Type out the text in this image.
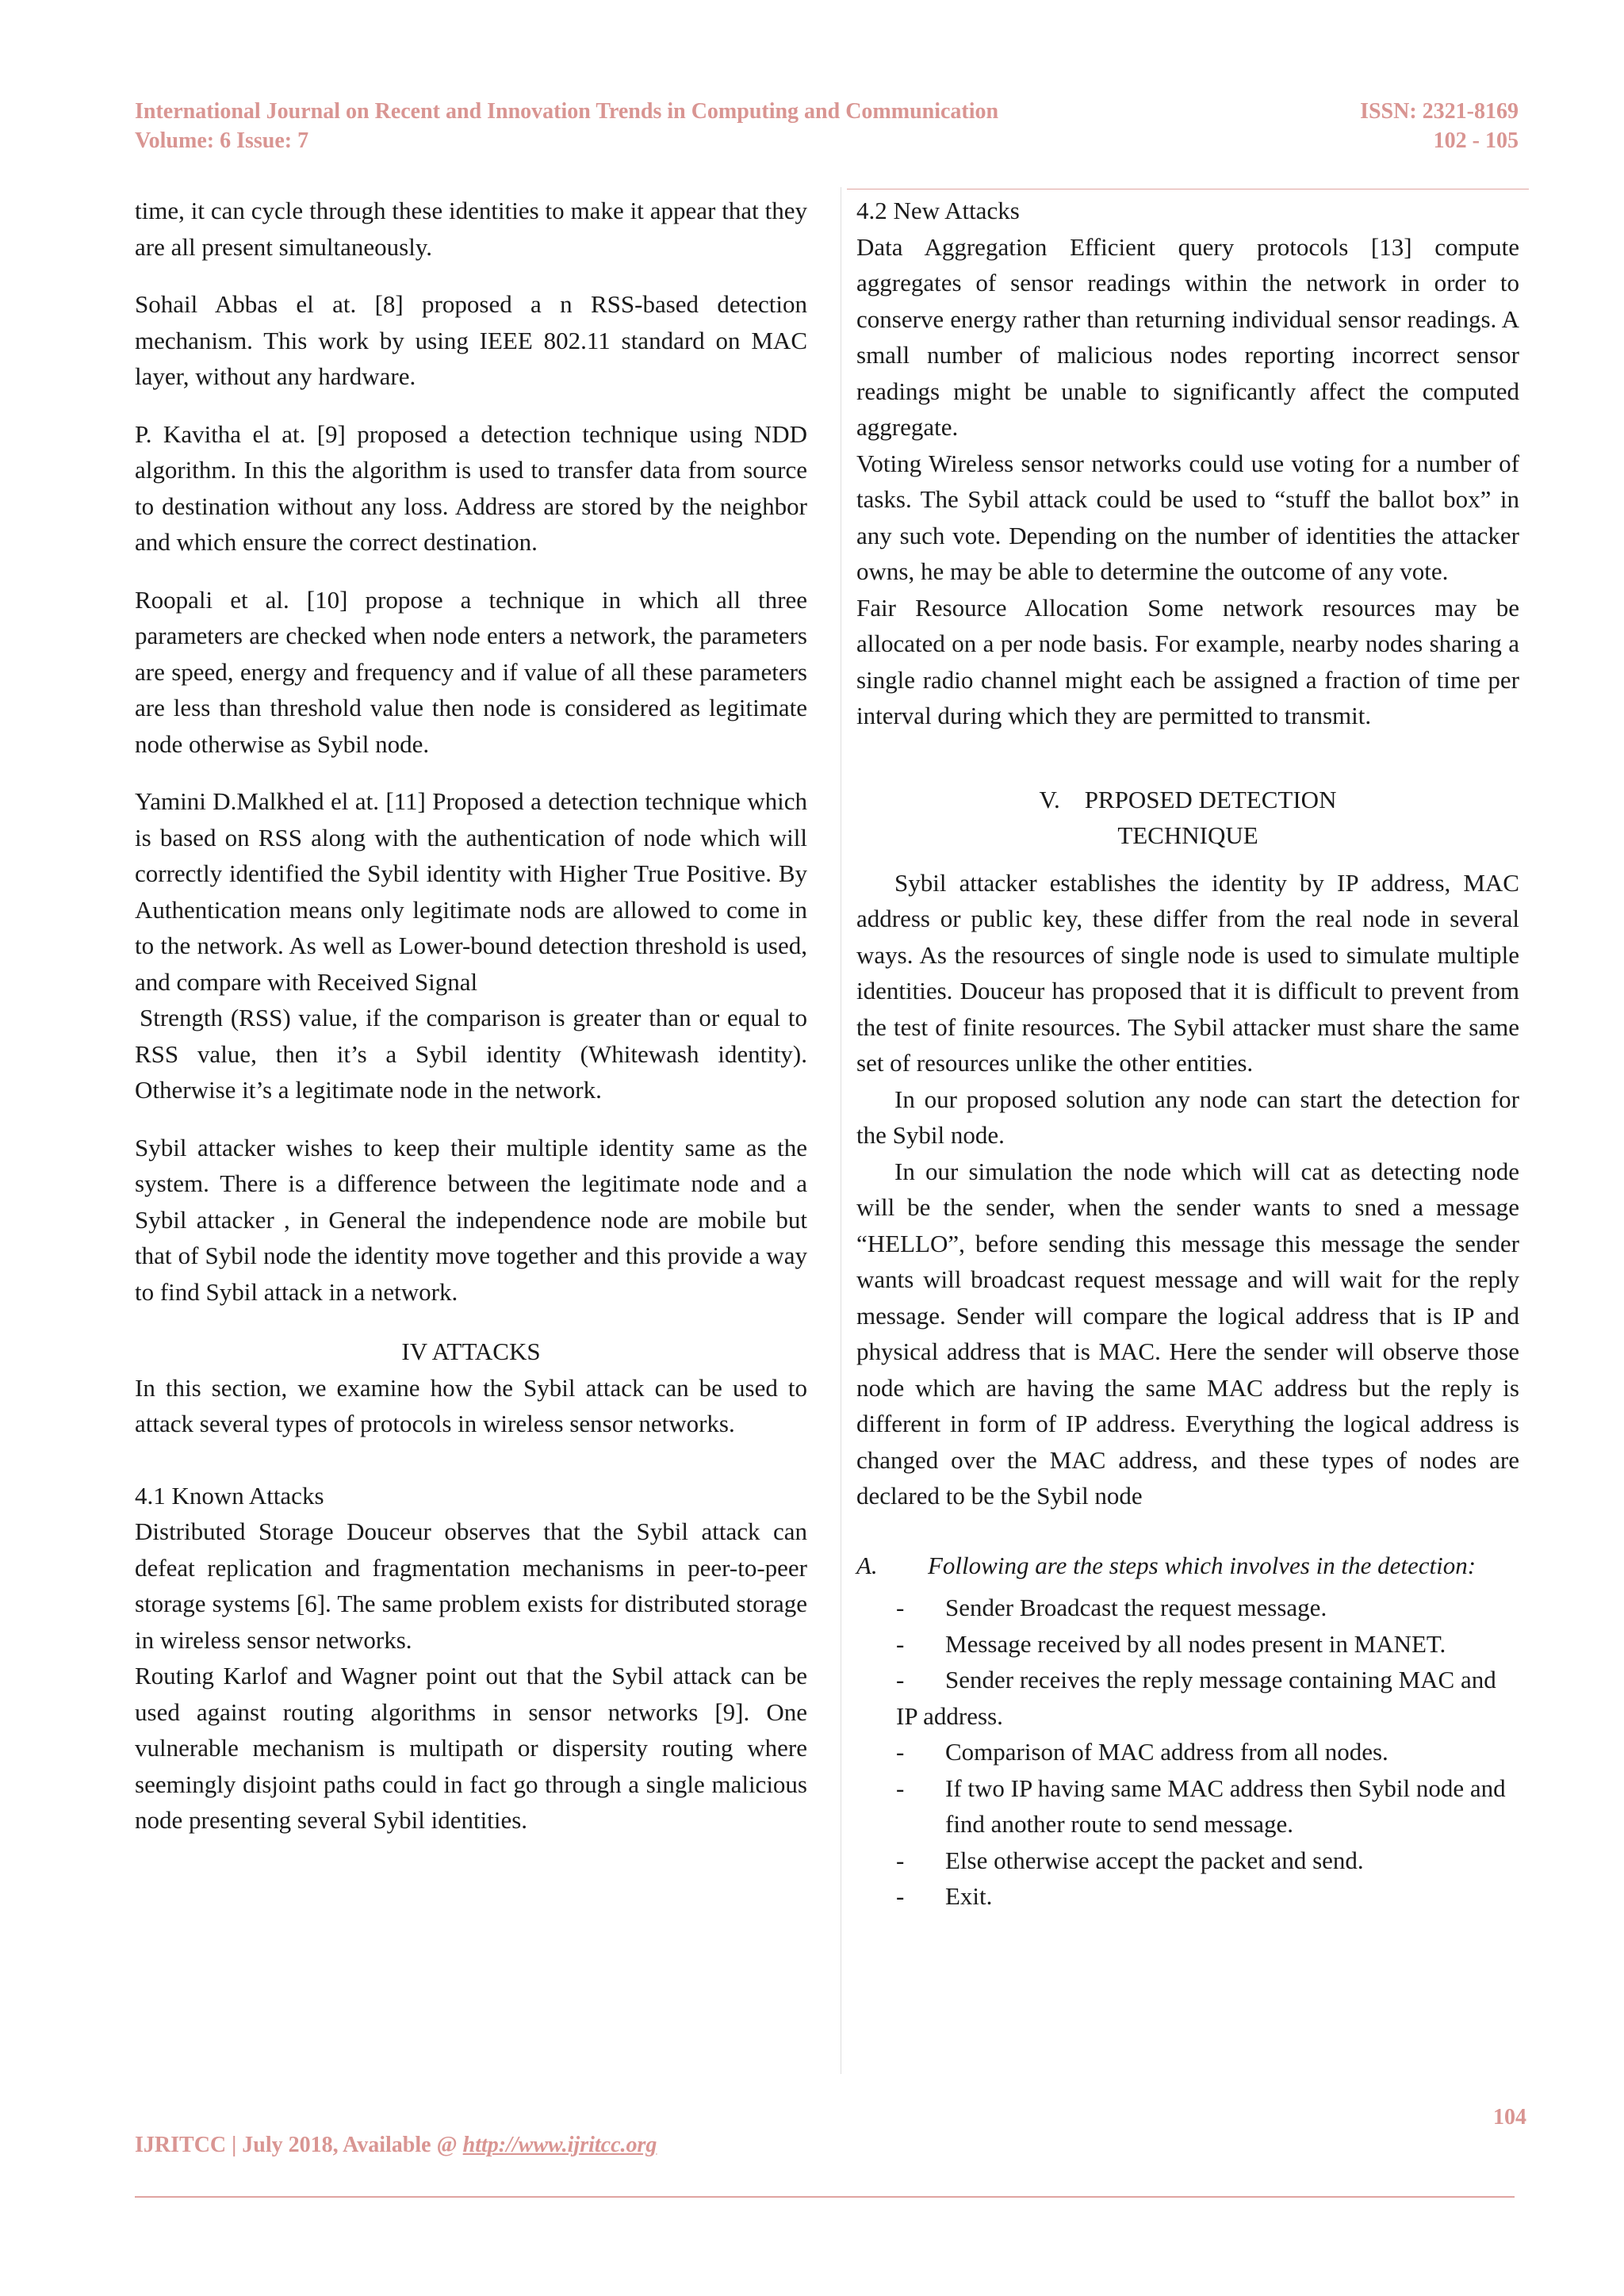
International Journal on Recent and Innovation Trends in Computing and Communication	ISSN: 2321-8169
Volume: 6 Issue: 7	102 - 105

time, it can cycle through these identities to make it appear that they are all present simultaneously.

Sohail Abbas el at. [8] proposed a n RSS-based detection mechanism. This work by using IEEE 802.11 standard on MAC layer, without any hardware.

P. Kavitha el at. [9] proposed a detection technique using NDD algorithm. In this the algorithm is used to transfer data from source to destination without any loss. Address are stored by the neighbor and which ensure the correct destination.

Roopali et al. [10] propose a technique in which all three parameters are checked when node enters a network, the parameters are speed, energy and frequency and if value of all these parameters are less than threshold value then node is considered as legitimate node otherwise as Sybil node.

Yamini D.Malkhed el at. [11] Proposed a detection technique which is based on RSS along with the authentication of node which will correctly identified the Sybil identity with Higher True Positive. By Authentication means only legitimate nods are allowed to come in to the network. As well as Lower-bound detection threshold is used, and compare with Received Signal

Strength (RSS) value, if the comparison is greater than or equal to RSS value, then it’s a Sybil identity (Whitewash identity). Otherwise it’s a legitimate node in the network.

Sybil attacker wishes to keep their multiple identity same as the system. There is a difference between the legitimate node and a Sybil attacker , in General the independence node are mobile but that of Sybil node the identity move together and this provide a way to find Sybil attack in a network.

IV ATTACKS

In this section, we examine how the Sybil attack can be used to attack several types of protocols in wireless sensor networks.

4.1 Known Attacks

Distributed Storage Douceur observes that the Sybil attack can defeat replication and fragmentation mechanisms in peer-to-peer storage systems [6]. The same problem exists for distributed storage in wireless sensor networks.

Routing Karlof and Wagner point out that the Sybil attack can be used against routing algorithms in sensor networks [9]. One vulnerable mechanism is multipath or dispersity routing where seemingly disjoint paths could in fact go through a single malicious node presenting several Sybil identities.

4.2 New Attacks

Data Aggregation Efficient query protocols [13] compute aggregates of sensor readings within the network in order to conserve energy rather than returning individual sensor readings. A small number of malicious nodes reporting incorrect sensor readings might be unable to significantly affect the computed aggregate.

Voting Wireless sensor networks could use voting for a number of tasks. The Sybil attack could be used to “stuff the ballot box” in any such vote. Depending on the number of identities the attacker owns, he may be able to determine the outcome of any vote.

Fair Resource Allocation Some network resources may be allocated on a per node basis. For example, nearby nodes sharing a single radio channel might each be assigned a fraction of time per interval during which they are permitted to transmit.

V.    PRPOSED DETECTION
TECHNIQUE

Sybil attacker establishes the identity by IP address, MAC address or public key, these differ from the real node in several ways. As the resources of single node is used to simulate multiple identities. Douceur has proposed that it is difficult to prevent from the test of finite resources. The Sybil attacker must share the same set of resources unlike the other entities.

In our proposed solution any node can start the detection for the Sybil node.

In our simulation the node which will cat as detecting node will be the sender, when the sender wants to sned a message “HELLO”, before sending this message this message the sender wants will broadcast request message and will wait for the reply message. Sender will compare the logical address that is IP and physical address that is MAC. Here the sender will observe those node which are having the same MAC address but the reply is different in form of IP address. Everything the logical address is changed over the MAC address, and these types of nodes are declared to be the Sybil node

A. Following are the steps which involves in the detection:

- Sender Broadcast the request message.
- Message received by all nodes present in MANET.
- Sender receives the reply message containing MAC and IP address.
- Comparison of MAC address from all nodes.
- If two IP having same MAC address then Sybil node and find another route to send message.
- Else otherwise accept the packet and send.
- Exit.
104
IJRITCC | July 2018, Available @ http://www.ijritcc.org
